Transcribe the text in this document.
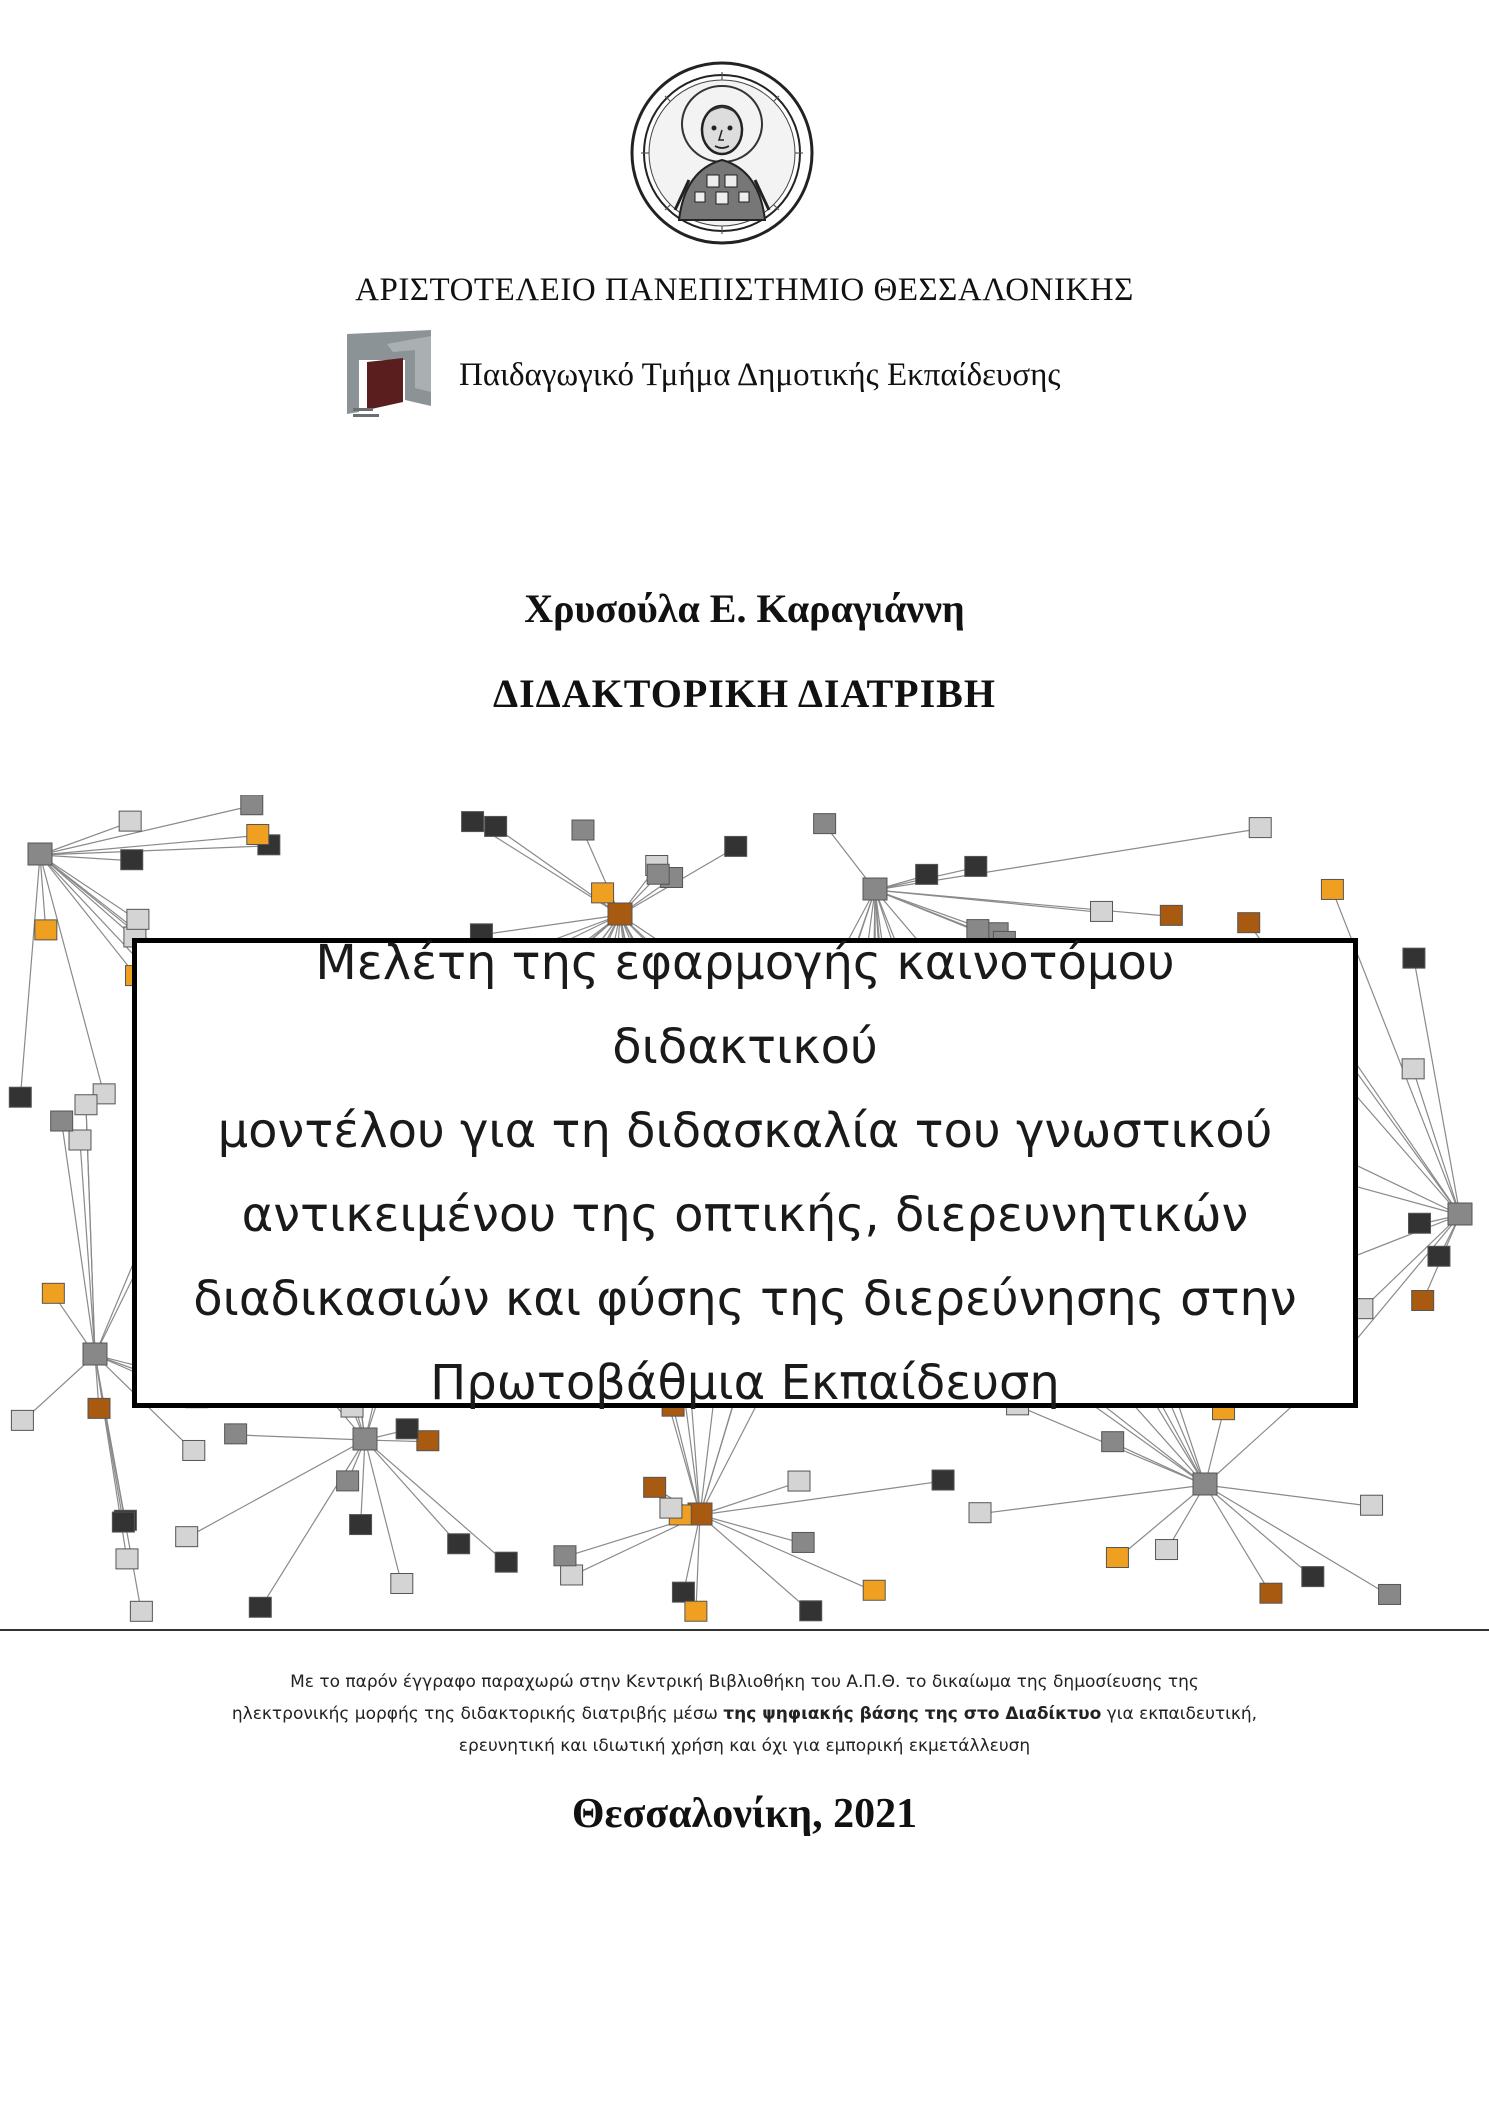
ΑΡΙΣΤΟΤΕΛΕΙΟ ΠΑΝΕΠΙΣΤΗΜΙΟ ΘΕΣΣΑΛΟΝΙΚΗΣ
Παιδαγωγικό Τμήμα Δημοτικής Εκπαίδευσης
Χρυσούλα Ε. Καραγιάννη
ΔΙΔΑΚΤΟΡΙΚΗ ΔΙΑΤΡΙΒΗ

Μελέτη της εφαρμογής καινοτόμου διδακτικού
μοντέλου για τη διδασκαλία του γνωστικού
αντικειμένου της οπτικής, διερευνητικών
διαδικασιών και φύσης της διερεύνησης στην
Πρωτοβάθμια Εκπαίδευση

Με το παρόν έγγραφο παραχωρώ στην Κεντρική Βιβλιοθήκη του Α.Π.Θ. το δικαίωμα της δημοσίευσης της
ηλεκτρονικής μορφής της διδακτορικής διατριβής μέσω της ψηφιακής βάσης της στο Διαδίκτυο για εκπαιδευτική,
ερευνητική και ιδιωτική χρήση και όχι για εμπορική εκμετάλλευση
Θεσσαλονίκη, 2021
